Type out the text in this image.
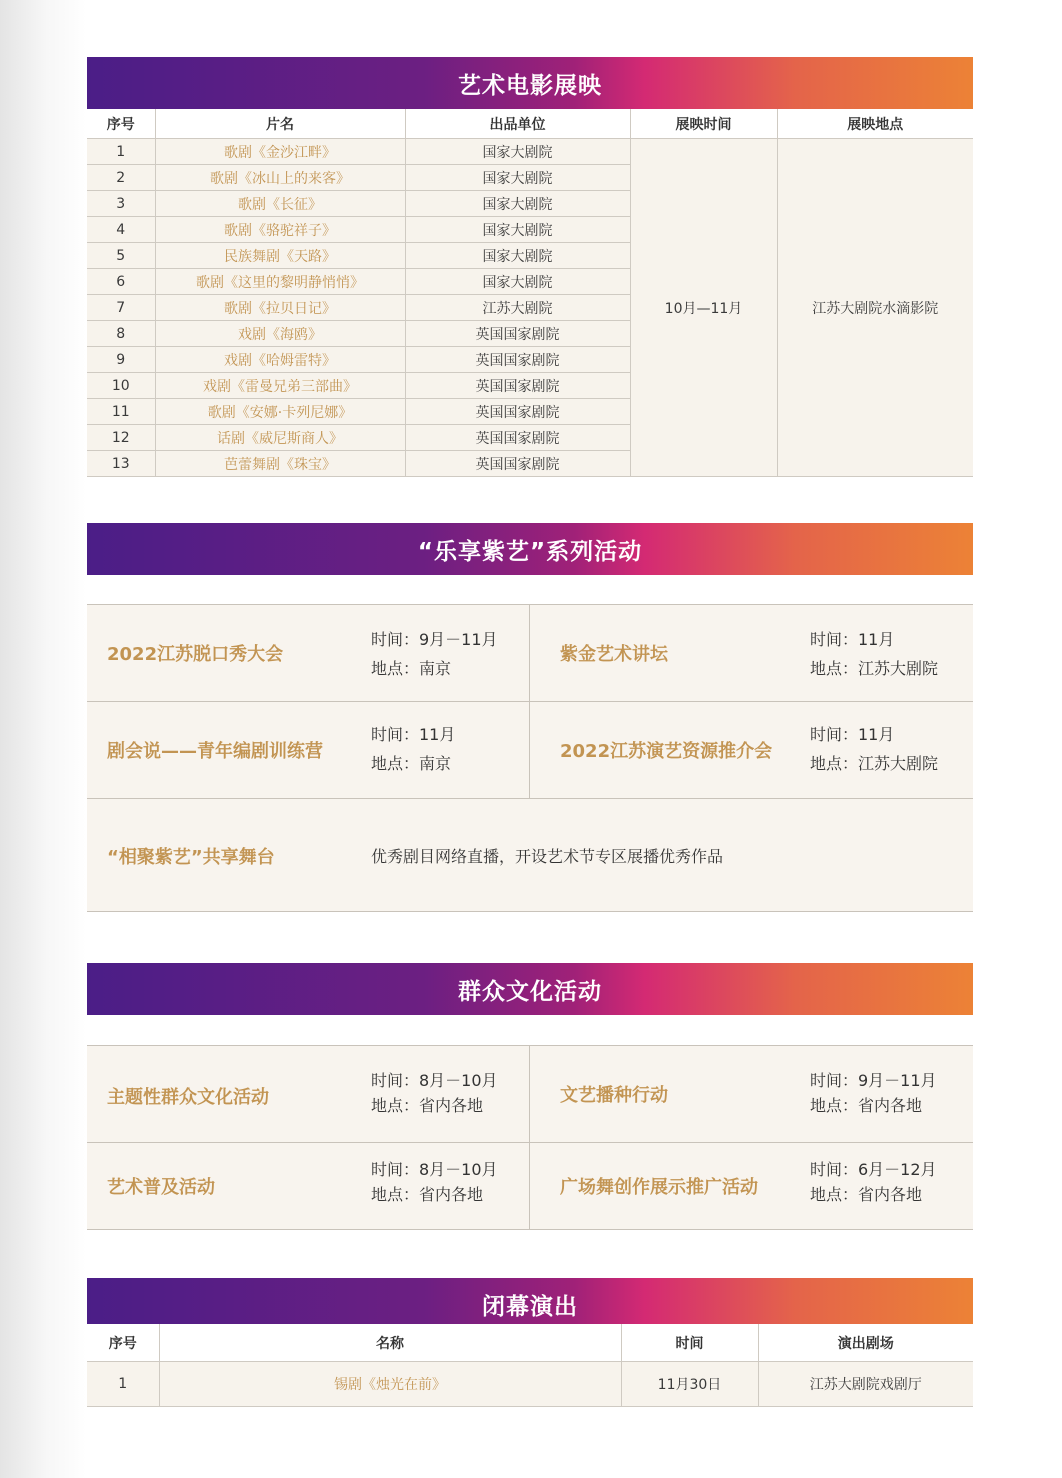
艺术电影展映
序号	片名	出品单位	展映时间	展映地点
1	歌剧《金沙江畔》	国家大剧院	10月—11月	江苏大剧院水滴影院
2	歌剧《冰山上的来客》	国家大剧院		
3	歌剧《长征》	国家大剧院		
4	歌剧《骆驼祥子》	国家大剧院		
5	民族舞剧《天路》	国家大剧院		
6	歌剧《这里的黎明静悄悄》	国家大剧院		
7	歌剧《拉贝日记》	江苏大剧院		
8	戏剧《海鸥》	英国国家剧院		
9	戏剧《哈姆雷特》	英国国家剧院		
10	戏剧《雷曼兄弟三部曲》	英国国家剧院		
11	歌剧《安娜·卡列尼娜》	英国国家剧院		
12	话剧《威尼斯商人》	英国国家剧院		
13	芭蕾舞剧《珠宝》	英国国家剧院		
“乐享紫艺”系列活动
2022江苏脱口秀大会
时间：9月－11月
地点：南京
紫金艺术讲坛
时间：11月
地点：江苏大剧院
剧会说——青年编剧训练营
时间：11月
地点：南京
2022江苏演艺资源推介会
时间：11月
地点：江苏大剧院
“相聚紫艺”共享舞台	优秀剧目网络直播，开设艺术节专区展播优秀作品
群众文化活动
主题性群众文化活动
时间：8月－10月
地点：省内各地	文艺播种行动
时间：9月－11月
地点：省内各地
艺术普及活动
时间：8月－10月
地点：省内各地	广场舞创作展示推广活动
时间：6月－12月
地点：省内各地
闭幕演出
序号	名称	时间	演出剧场
1	锡剧《烛光在前》	11月30日	江苏大剧院戏剧厅
